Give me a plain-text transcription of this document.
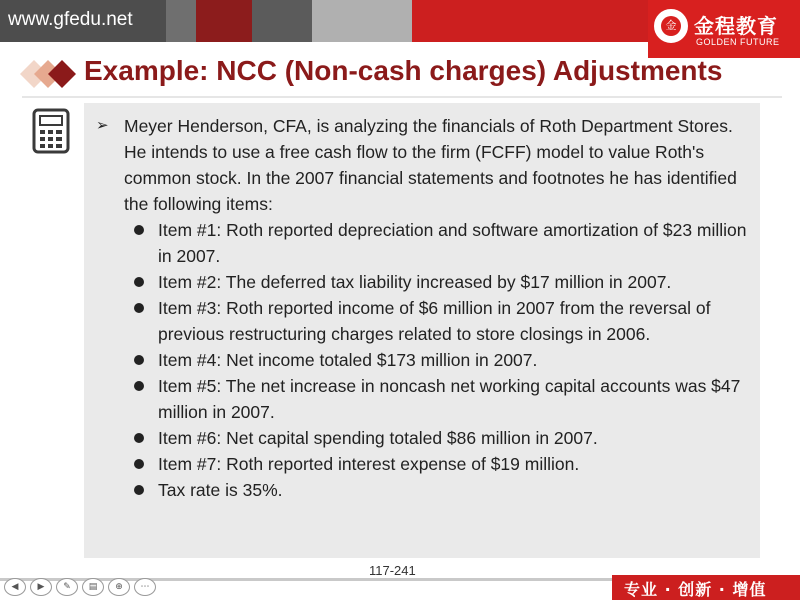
www.gfedu.net	金 金程教育
GOLDEN FUTURE
Example: NCC (Non-cash charges) Adjustments
➢ Meyer Henderson, CFA, is analyzing the financials of Roth Department Stores. He intends to use a free cash flow to the firm (FCFF) model to value Roth's common stock. In the 2007 financial statements and footnotes he has identified the following items:
Item #1: Roth reported depreciation and software amortization of $23 million in 2007.
Item #2: The deferred tax liability increased by $17 million in 2007.
Item #3: Roth reported income of $6 million in 2007 from the reversal of previous restructuring charges related to store closings in 2006.
Item #4: Net income totaled $173 million in 2007.
Item #5: The net increase in noncash net working capital accounts was $47 million in 2007.
Item #6: Net capital spending totaled $86 million in 2007.
Item #7: Roth reported interest expense of $19 million.
Tax rate is 35%.
117-241
◀	▶	✎	▤	⊕	⋯	专业 · 创新 · 增值
